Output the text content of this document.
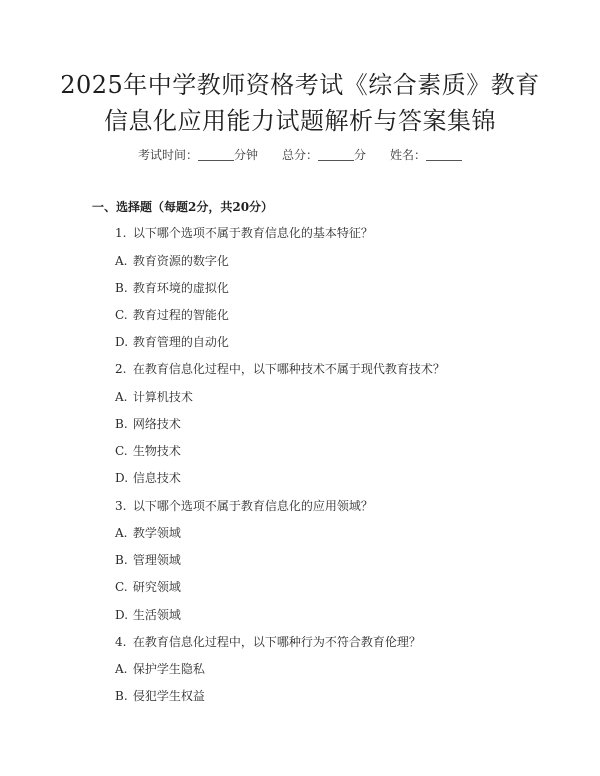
2025年中学教师资格考试《综合素质》教育
信息化应用能力试题解析与答案集锦
考试时间：	分钟 总分：	分 姓名：
一、选择题（每题2分，共20分）
1. 以下哪个选项不属于教育信息化的基本特征？
A. 教育资源的数字化
B. 教育环境的虚拟化
C. 教育过程的智能化
D. 教育管理的自动化
2. 在教育信息化过程中，以下哪种技术不属于现代教育技术？
A. 计算机技术
B. 网络技术
C. 生物技术
D. 信息技术
3. 以下哪个选项不属于教育信息化的应用领域？
A. 教学领域
B. 管理领域
C. 研究领域
D. 生活领域
4. 在教育信息化过程中，以下哪种行为不符合教育伦理？
A. 保护学生隐私
B. 侵犯学生权益
